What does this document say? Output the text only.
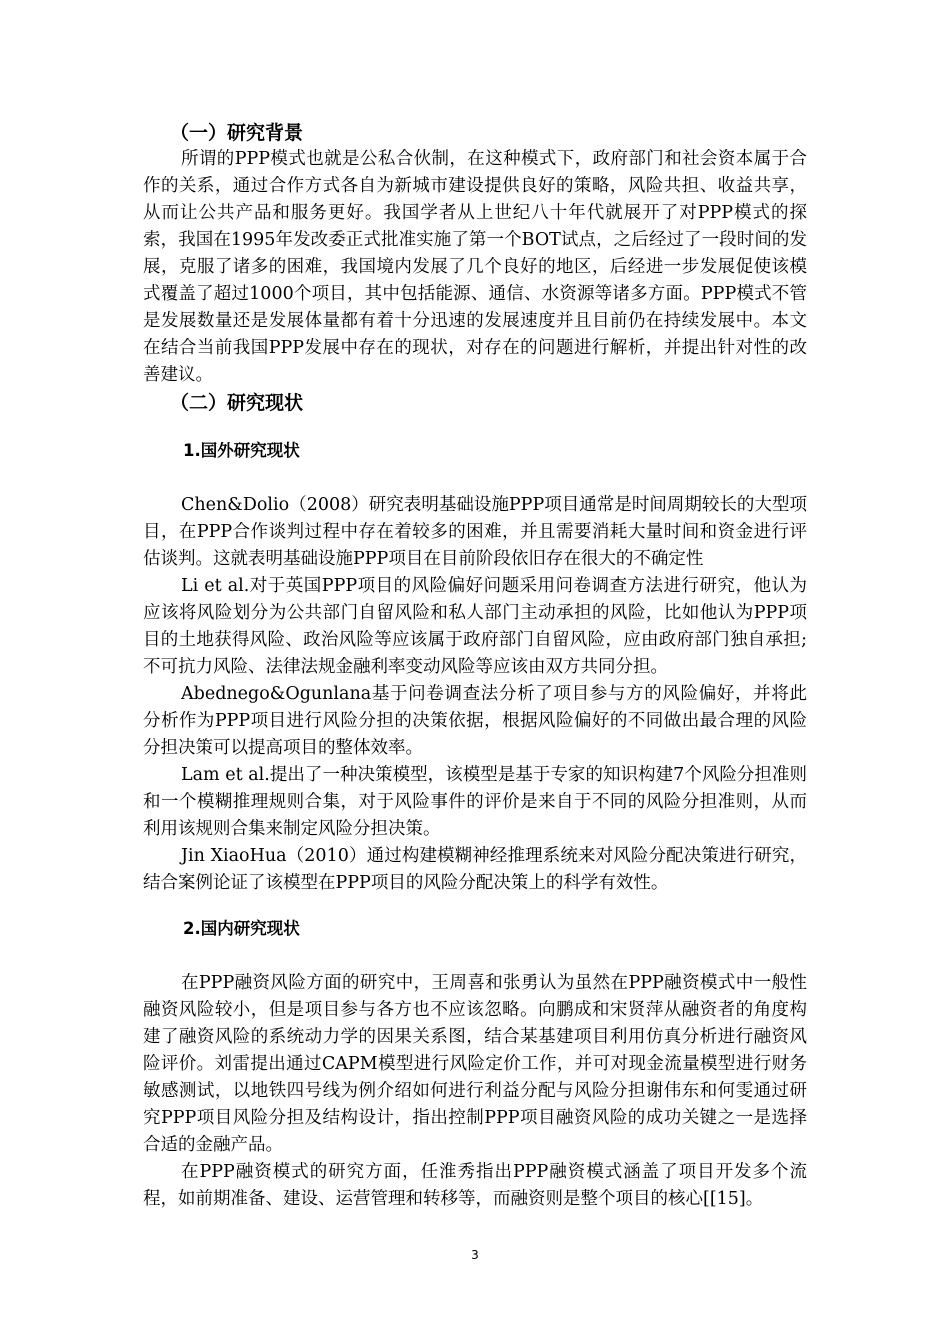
（一）研究背景

所谓的PPP模式也就是公私合伙制，在这种模式下，政府部门和社会资本属于合作的关系，通过合作方式各自为新城市建设提供良好的策略，风险共担、收益共享，从而让公共产品和服务更好。我国学者从上世纪八十年代就展开了对PPP模式的探索，我国在1995年发改委正式批准实施了第一个BOT试点，之后经过了一段时间的发展，克服了诸多的困难，我国境内发展了几个良好的地区，后经进一步发展促使该模式覆盖了超过1000个项目，其中包括能源、通信、水资源等诸多方面。PPP模式不管是发展数量还是发展体量都有着十分迅速的发展速度并且目前仍在持续发展中。本文在结合当前我国PPP发展中存在的现状，对存在的问题进行解析，并提出针对性的改善建议。

（二）研究现状
1.国外研究现状

Chen&Dolio（2008）研究表明基础设施PPP项目通常是时间周期较长的大型项目，在PPP合作谈判过程中存在着较多的困难，并且需要消耗大量时间和资金进行评估谈判。这就表明基础设施PPP项目在目前阶段依旧存在很大的不确定性

Li et al.对于英国PPP项目的风险偏好问题采用问卷调查方法进行研究，他认为应该将风险划分为公共部门自留风险和私人部门主动承担的风险，比如他认为PPP项目的土地获得风险、政治风险等应该属于政府部门自留风险，应由政府部门独自承担;不可抗力风险、法律法规金融利率变动风险等应该由双方共同分担。

Abednego&Ogunlana基于问卷调查法分析了项目参与方的风险偏好，并将此分析作为PPP项目进行风险分担的决策依据，根据风险偏好的不同做出最合理的风险分担决策可以提高项目的整体效率。

Lam et al.提出了一种决策模型，该模型是基于专家的知识构建7个风险分担准则和一个模糊推理规则合集，对于风险事件的评价是来自于不同的风险分担准则，从而利用该规则合集来制定风险分担决策。

Jin XiaoHua（2010）通过构建模糊神经推理系统来对风险分配决策进行研究，结合案例论证了该模型在PPP项目的风险分配决策上的科学有效性。

2.国内研究现状

在PPP融资风险方面的研究中，王周喜和张勇认为虽然在PPP融资模式中一般性融资风险较小，但是项目参与各方也不应该忽略。向鹏成和宋贤萍从融资者的角度构建了融资风险的系统动力学的因果关系图，结合某基建项目利用仿真分析进行融资风险评价。刘雷提出通过CAPM模型进行风险定价工作，并可对现金流量模型进行财务敏感测试，以地铁四号线为例介绍如何进行利益分配与风险分担谢伟东和何雯通过研究PPP项目风险分担及结构设计，指出控制PPP项目融资风险的成功关键之一是选择合适的金融产品。

在PPP融资模式的研究方面，任淮秀指出PPP融资模式涵盖了项目开发多个流程，如前期准备、建设、运营管理和转移等，而融资则是整个项目的核心[[15]。

3
